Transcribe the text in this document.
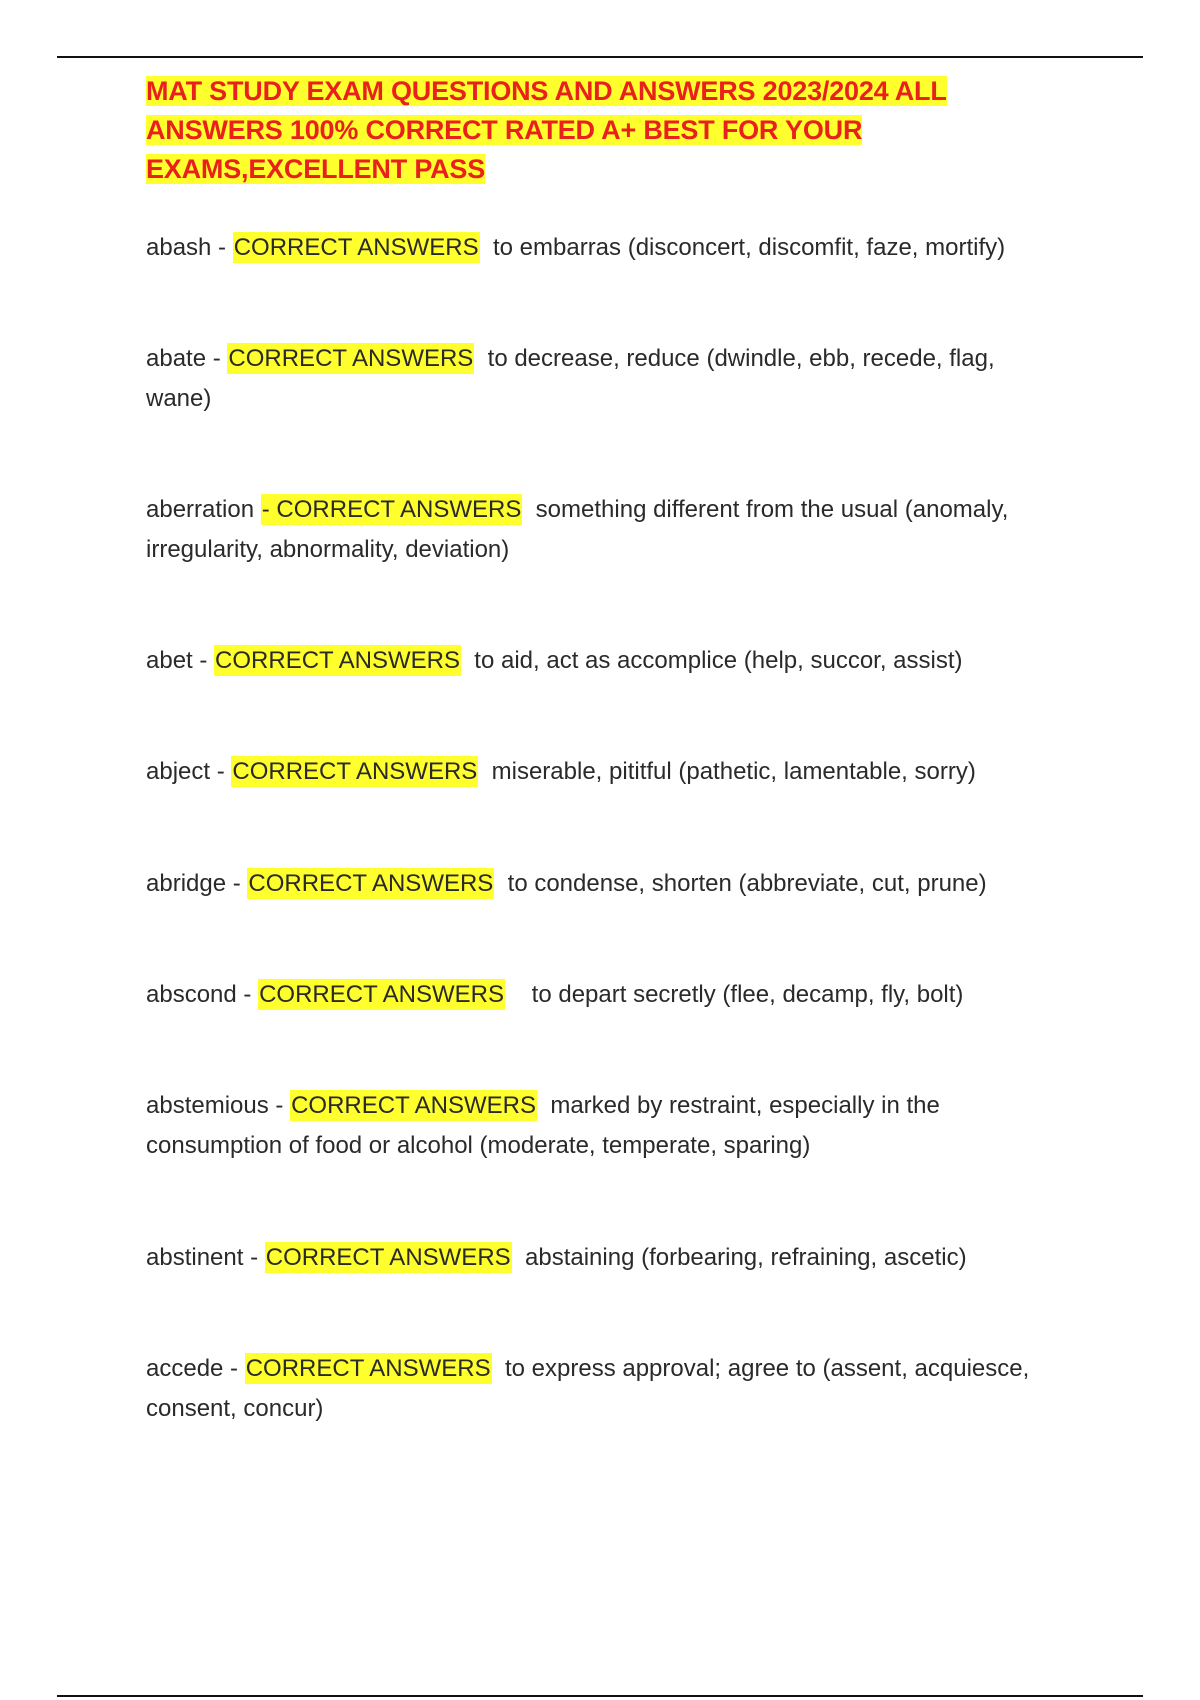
MAT STUDY EXAM QUESTIONS AND ANSWERS 2023/2024 ALL
ANSWERS 100% CORRECT RATED A+ BEST FOR YOUR
EXAMS,EXCELLENT PASS

abash - CORRECT ANSWERS  to embarras (disconcert, discomfit, faze, mortify)

abate - CORRECT ANSWERS  to decrease, reduce (dwindle, ebb, recede, flag, wane)

aberration - CORRECT ANSWERS  something different from the usual (anomaly, irregularity, abnormality, deviation)

abet - CORRECT ANSWERS  to aid, act as accomplice (help, succor, assist)

abject - CORRECT ANSWERS  miserable, pititful (pathetic, lamentable, sorry)

abridge - CORRECT ANSWERS  to condense, shorten (abbreviate, cut, prune)

abscond - CORRECT ANSWERS    to depart secretly (flee, decamp, fly, bolt)

abstemious - CORRECT ANSWERS  marked by restraint, especially in the consumption of food or alcohol (moderate, temperate, sparing)

abstinent - CORRECT ANSWERS  abstaining (forbearing, refraining, ascetic)

accede - CORRECT ANSWERS  to express approval; agree to (assent, acquiesce, consent, concur)
